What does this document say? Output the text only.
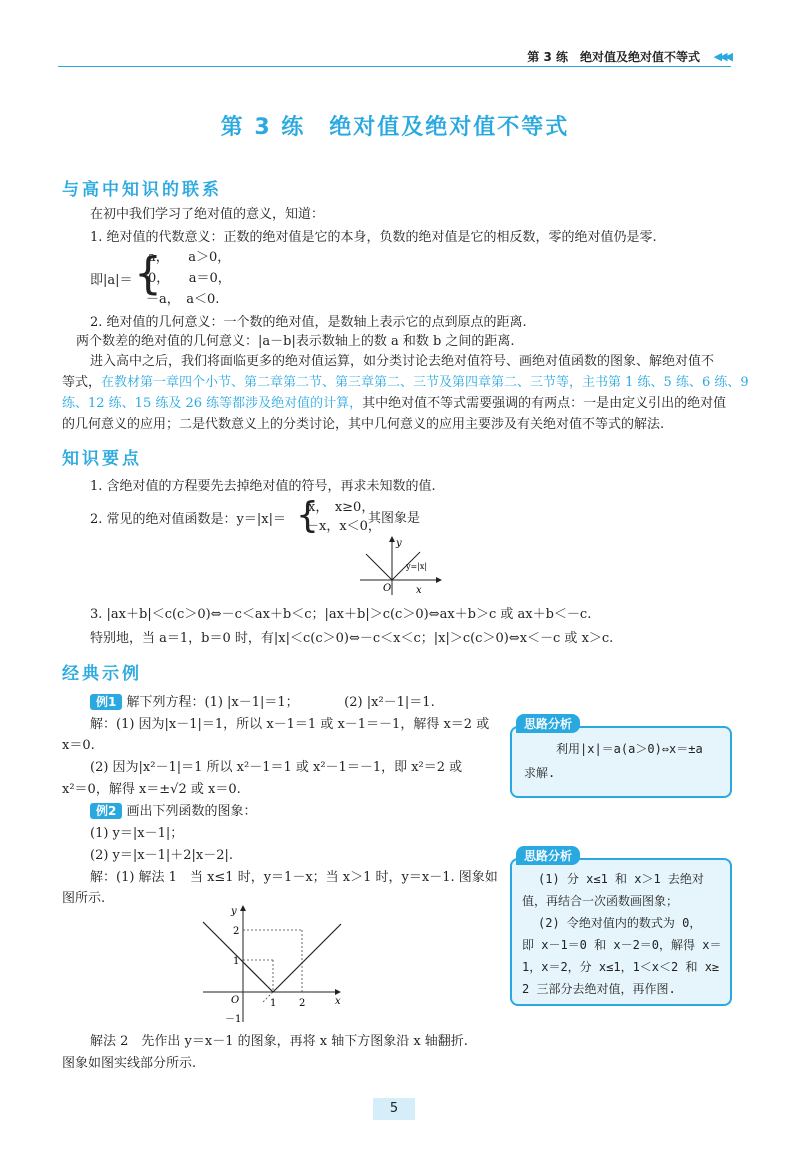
第 3 练　绝对值及绝对值不等式 ◀◀◀
第 3 练　绝对值及绝对值不等式
与高中知识的联系
在初中我们学习了绝对值的意义，知道：
1. 绝对值的代数意义：正数的绝对值是它的本身，负数的绝对值是它的相反数，零的绝对值仍是零.
即|a|＝ {
a，　　a＞0，
0，　　a＝0，
－a，　a＜0.
2. 绝对值的几何意义：一个数的绝对值，是数轴上表示它的点到原点的距离.
两个数差的绝对值的几何意义：|a－b|表示数轴上的数 a 和数 b 之间的距离.
进入高中之后，我们将面临更多的绝对值运算，如分类讨论去绝对值符号、画绝对值函数的图象、解绝对值不
等式，在教材第一章四个小节、第二章第二节、第三章第二、三节及第四章第二、三节等，主书第 1 练、5 练、6 练、9
练、12 练、15 练及 26 练等都涉及绝对值的计算，其中绝对值不等式需要强调的有两点：一是由定义引出的绝对值
的几何意义的应用；二是代数意义上的分类讨论，其中几何意义的应用主要涉及有关绝对值不等式的解法.
知识要点
1. 含绝对值的方程要先去掉绝对值的符号，再求未知数的值.
2. 常见的绝对值函数是：y＝|x|＝ {
x，　x≥0，
－x，x＜0，
其图象是
y
x
O
y=|x|
3. |ax＋b|＜c(c＞0)⇔－c＜ax＋b＜c；|ax＋b|＞c(c＞0)⇔ax＋b＞c 或 ax＋b＜－c.
特别地，当 a＝1，b＝0 时，有|x|＜c(c＞0)⇔－c＜x＜c；|x|＞c(c＞0)⇔x＜－c 或 x＞c.
经典示例
例1 解下列方程：(1) |x－1|＝1；　　　　(2) |x²－1|＝1.
解：(1) 因为|x－1|＝1，所以 x－1＝1 或 x－1＝－1，解得 x＝2 或
x＝0.
(2) 因为|x²－1|＝1 所以 x²－1＝1 或 x²－1＝－1，即 x²＝2 或
x²＝0，解得 x＝±√2 或 x＝0.
例2 画出下列函数的图象：
(1) y＝|x－1|；
(2) y＝|x－1|＋2|x－2|.
解：(1) 解法 1　当 x≤1 时，y＝1－x；当 x＞1 时，y＝x－1. 图象如
图所示.
y
x
O	1 2
1
2
－1
解法 2　先作出 y＝x－1 的图象，再将 x 轴下方图象沿 x 轴翻折.
图象如图实线部分所示.
利用|x|＝a(a＞0)⇔x＝±a
求解.
思路分析
(1) 分 x≤1 和 x＞1 去绝对
值，再结合一次函数画图象；
(2) 令绝对值内的数式为 0，
即 x－1＝0 和 x－2＝0，解得 x＝
1，x＝2，分 x≤1，1＜x＜2 和 x≥
2 三部分去绝对值，再作图.
思路分析
5
